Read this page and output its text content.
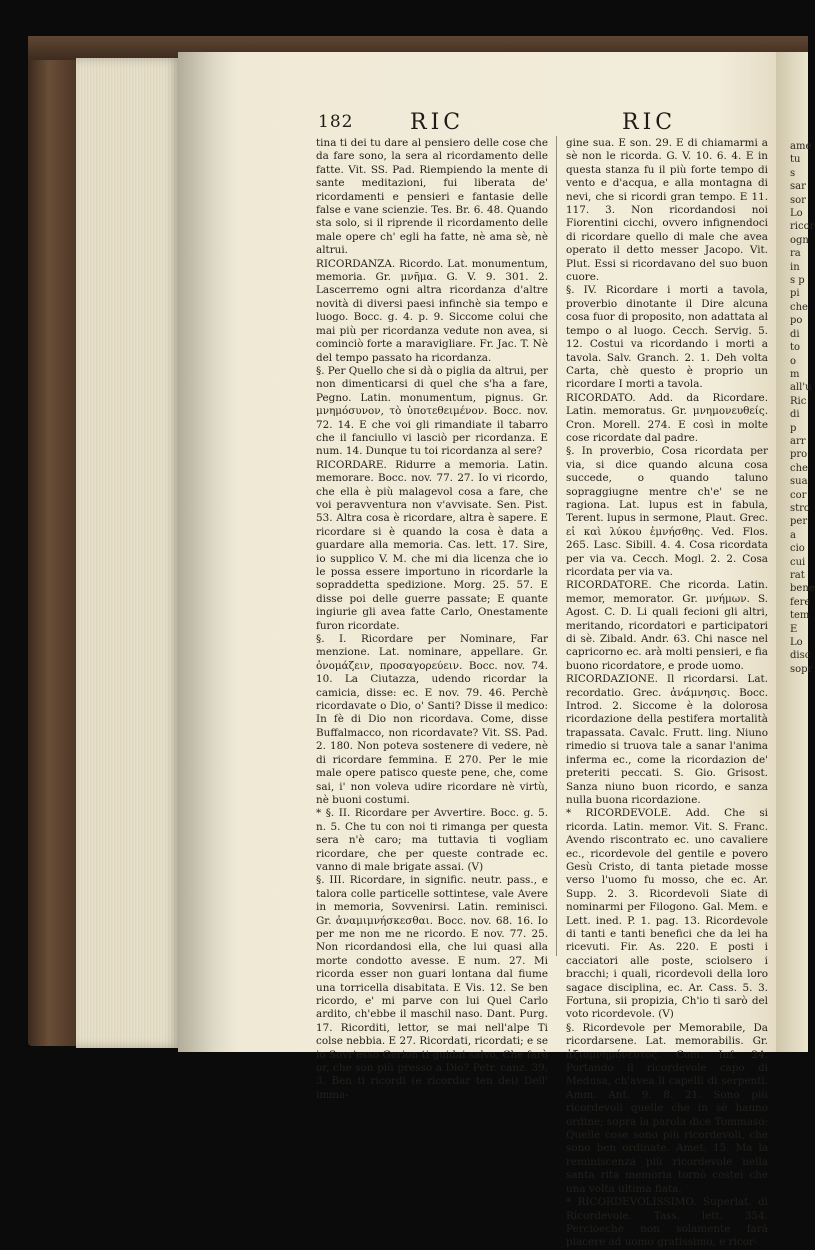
ame tu s sar sor Lo ricor ogn ra in s p pi che po di to o m all'u Ric di p arr pro che sua cor stro per a cio cui rat bene fere tem E Lo disc sopr
182	RIC	RIC

tina ti dei tu dare al pensiero delle cose che da fare sono, la sera al ricordamento delle fatte. Vit. SS. Pad. Riempiendo la mente di sante meditazioni, fui liberata de' ricordamenti e pensieri e fantasie delle false e vane scienzie. Tes. Br. 6. 48. Quando sta solo, si il riprende il ricordamento delle male opere ch' egli ha fatte, nè ama sè, nè altrui.

RICORDANZA. Ricordo. Lat. monumentum, memoria. Gr. μνῆμα. G. V. 9. 301. 2. Lascerremo ogni altra ricordanza d'altre novità di diversi paesi infinchè sia tempo e luogo. Bocc. g. 4. p. 9. Siccome colui che mai più per ricordanza vedute non avea, si cominciò forte a maravigliare. Fr. Jac. T. Nè del tempo passato ha ricordanza.

§. Per Quello che si dà o piglia da altrui, per non dimenticarsi di quel che s'ha a fare, Pegno. Latin. monumentum, pignus. Gr. μνημόσυνον, τὸ ὑποτεθειμένον. Bocc. nov. 72. 14. E che voi gli rimandiate il tabarro che il fanciullo vi lasciò per ricordanza. E num. 14. Dunque tu toi ricordanza al sere?

RICORDARE. Ridurre a memoria. Latin. memorare. Bocc. nov. 77. 27. Io vi ricordo, che ella è più malagevol cosa a fare, che voi peravventura non v'avvisate. Sen. Pist. 53. Altra cosa è ricordare, altra è sapere. E ricordare si è quando la cosa è data a guardare alla memoria. Cas. lett. 17. Sire, io supplico V. M. che mi dia licenza che io le possa essere importuno in ricordarle la sopraddetta spedizione. Morg. 25. 57. E disse poi delle guerre passate; E quante ingiurie gli avea fatte Carlo, Onestamente furon ricordate.

§. I. Ricordare per Nominare, Far menzione. Lat. nominare, appellare. Gr. ὀνομάζειν, προσαγορεύειν. Bocc. nov. 74. 10. La Ciutazza, udendo ricordar la camicia, disse: ec. E nov. 79. 46. Perchè ricordavate o Dio, o' Santi? Disse il medico: In fè di Dio non ricordava. Come, disse Buffalmacco, non ricordavate? Vit. SS. Pad. 2. 180. Non poteva sostenere di vedere, nè di ricordare femmina. E 270. Per le mie male opere patisco queste pene, che, come sai, i' non voleva udire ricordare nè virtù, nè buoni costumi.

* §. II. Ricordare per Avvertire. Bocc. g. 5. n. 5. Che tu con noi ti rimanga per questa sera n'è caro; ma tuttavia ti vogliam ricordare, che per queste contrade ec. vanno di male brigate assai. (V)

§. III. Ricordare, in signific. neutr. pass., e talora colle particelle sottintese, vale Avere in memoria, Sovvenirsi. Latin. reminisci. Gr. ἀναμιμνήσκεσθαι. Bocc. nov. 68. 16. Io per me non me ne ricordo. E nov. 77. 25. Non ricordandosi ella, che lui quasi alla morte condotto avesse. E num. 27. Mi ricorda esser non guari lontana dal fiume una torricella disabitata. E Vis. 12. Se ben ricordo, e' mi parve con lui Quel Carlo ardito, ch'ebbe il maschil naso. Dant. Purg. 17. Ricorditi, lettor, se mai nell'alpe Ti colse nebbia. E 27. Ricordati, ricordati; e se io Sovr'esso Gerion ti guidai salvo, Che farò or, che son più presso a Dio? Petr. canz. 39. 3. Ben ti ricordi (e ricordar ten dei) Dell' imma-

gine sua. E son. 29. E di chiamarmi a sè non le ricorda. G. V. 10. 6. 4. E in questa stanza fu il più forte tempo di vento e d'acqua, e alla montagna di nevi, che si ricordi gran tempo. E 11. 117. 3. Non ricordandosi noi Fiorentini cicchi, ovvero infignendoci di ricordare quello di male che avea operato il detto messer Jacopo. Vit. Plut. Essi si ricordavano del suo buon cuore.

§. IV. Ricordare i morti a tavola, proverbio dinotante il Dire alcuna cosa fuor di proposito, non adattata al tempo o al luogo. Cecch. Servig. 5. 12. Costui va ricordando i morti a tavola. Salv. Granch. 2. 1. Deh volta Carta, chè questo è proprio un ricordare I morti a tavola.

RICORDATO. Add. da Ricordare. Latin. memoratus. Gr. μνημονευθείς. Cron. Morell. 274. E così in molte cose ricordate dal padre.

§. In proverbio, Cosa ricordata per via, si dice quando alcuna cosa succede, o quando taluno sopraggiugne mentre ch'e' se ne ragiona. Lat. lupus est in fabula, Terent. lupus in sermone, Plaut. Grec. εἰ καὶ λύκου ἐμνήσθης. Ved. Flos. 265. Lasc. Sibill. 4. 4. Cosa ricordata per via va. Cecch. Mogl. 2. 2. Cosa ricordata per via va.

RICORDATORE. Che ricorda. Latin. memor, memorator. Gr. μνήμων. S. Agost. C. D. Li quali fecioni gli altri, meritando, ricordatori e participatori di sè. Zibald. Andr. 63. Chi nasce nel capricorno ec. arà molti pensieri, e fia buono ricordatore, e prode uomo.

RICORDAZIONE. Il ricordarsi. Lat. recordatio. Grec. ἀνάμνησις. Bocc. Introd. 2. Siccome è la dolorosa ricordazione della pestifera mortalità trapassata. Cavalc. Frutt. ling. Niuno rimedio si truova tale a sanar l'anima inferma ec., come la ricordazion de' preteriti peccati. S. Gio. Grisost. Sanza niuno buon ricordo, e sanza nulla buona ricordazione.

* RICORDEVOLE. Add. Che si ricorda. Latin. memor. Vit. S. Franc. Avendo riscontrato ec. uno cavaliere ec., ricordevole del gentile e povero Gesù Cristo, di tanta pietade mosse verso l'uomo fu mosso, che ec. Ar. Supp. 2. 3. Ricordevoli Siate di nominarmi per Filogono. Gal. Mem. e Lett. ined. P. 1. pag. 13. Ricordevole di tanti e tanti benefici che da lei ha ricevuti. Fir. As. 220. E posti i cacciatori alle poste, sciolsero i bracchi; i quali, ricordevoli della loro sagace disciplina, ec. Ar. Cass. 5. 3. Fortuna, sii propizia, Ch'io ti sarò del voto ricordevole. (V)

§. Ricordevole per Memorabile, Da ricordarsene. Lat. memorabilis. Gr. ἀξιομνημόνευτος. Com. Inf. 24. Portando il ricordevole capo di Medusa, ch'avea li capelli di serpenti. Amm. Ant. 9. 8. 21. Sono più ricordevoli quelle che in sè hanno ordine; sopra la parola dice Tommaso: Quelle cose sono più ricordevoli, che sono ben ordinate. Amet. 15. Ma la reminiscenza più ricordevole nella santa rita memoria tornò costei che una volta ultima fiata.

* RICORDEVOLISSIMO. Superlat. di Ricordevole. Tass. lett. 354. Percioechè non solamente farà piacere ad uomo gratissimo, e ricor-
